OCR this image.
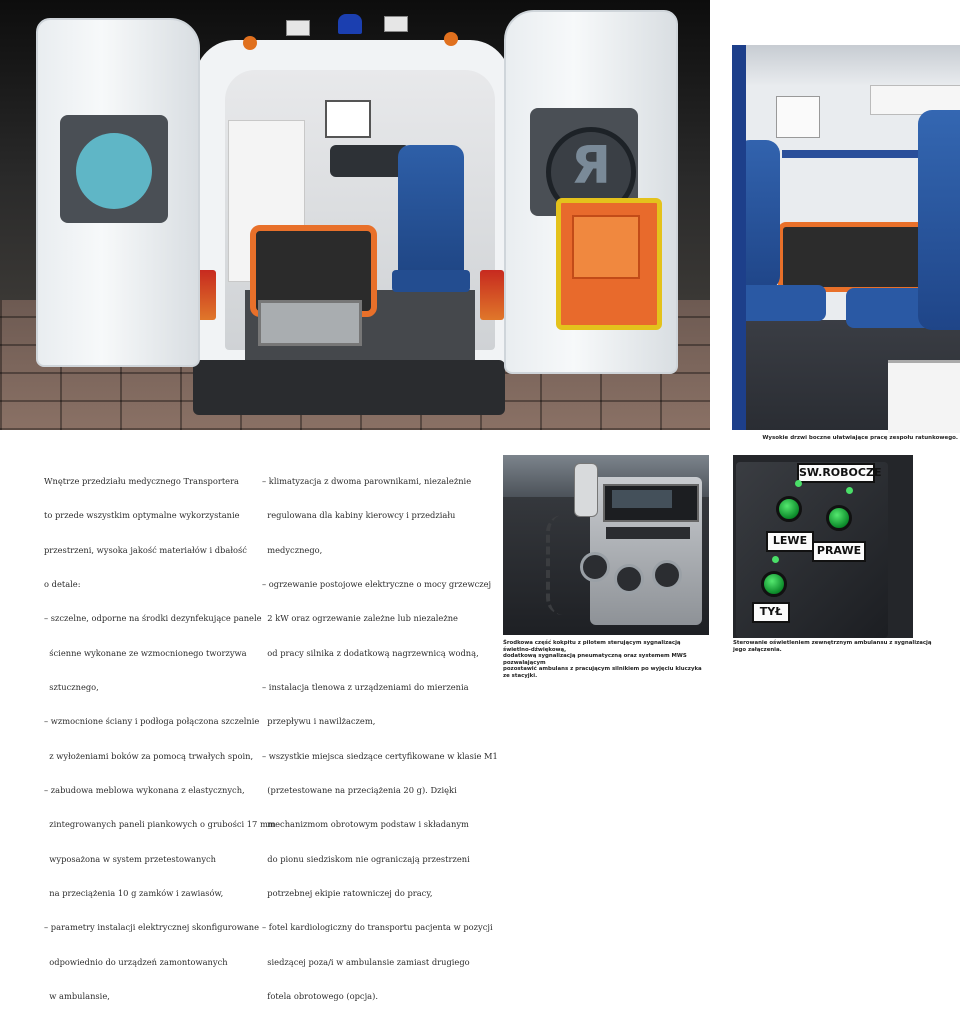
Я
Wysokie drzwi boczne ułatwiające pracę zespołu ratunkowego.

Wnętrze przedziału medycznego Transportera

to przede wszystkim optymalne wykorzystanie

przestrzeni, wysoka jakość materiałów i dbałość

o detale:

– szczelne, odporne na środki dezynfekujące panele

ścienne wykonane ze wzmocnionego tworzywa

sztucznego,

– wzmocnione ściany i podłoga połączona szczelnie

z wyłożeniami boków za pomocą trwałych spoin,

– zabudowa meblowa wykonana z elastycznych,

zintegrowanych paneli piankowych o grubości 17 mm

wyposażona w system przetestowanych

na przeciążenia 10 g zamków i zawiasów,

– parametry instalacji elektrycznej skonfigurowane

odpowiednio do urządzeń zamontowanych

w ambulansie,

– klimatyzacja z dwoma parownikami, niezależnie

regulowana dla kabiny kierowcy i przedziału

medycznego,

– ogrzewanie postojowe elektryczne o mocy grzewczej

2 kW oraz ogrzewanie zależne lub niezależne

od pracy silnika z dodatkową nagrzewnicą wodną,

– instalacja tlenowa z urządzeniami do mierzenia

przepływu i nawilżaczem,

– wszystkie miejsca siedzące certyfikowane w klasie M1

(przetestowane na przeciążenia 20 g). Dzięki

mechanizmom obrotowym podstaw i składanym

do pionu siedziskom nie ograniczają przestrzeni

potrzebnej ekipie ratowniczej do pracy,

– fotel kardiologiczny do transportu pacjenta w pozycji

siedzącej poza/i w ambulansie zamiast drugiego

fotela obrotowego (opcja).

Środkowa część kokpitu z pilotem sterującym sygnalizacją świetlno-dźwiękową,
dodatkową sygnalizacją pneumatyczną oraz systemem MWS pozwalającym
pozostawić ambulans z pracującym silnikiem po wyjęciu kluczyka ze stacyjki.
SW.ROBOCZE
LEWE
PRAWE
TYŁ
Sterowanie oświetleniem zewnętrznym ambulansu z sygnalizacją
jego załączenia.
